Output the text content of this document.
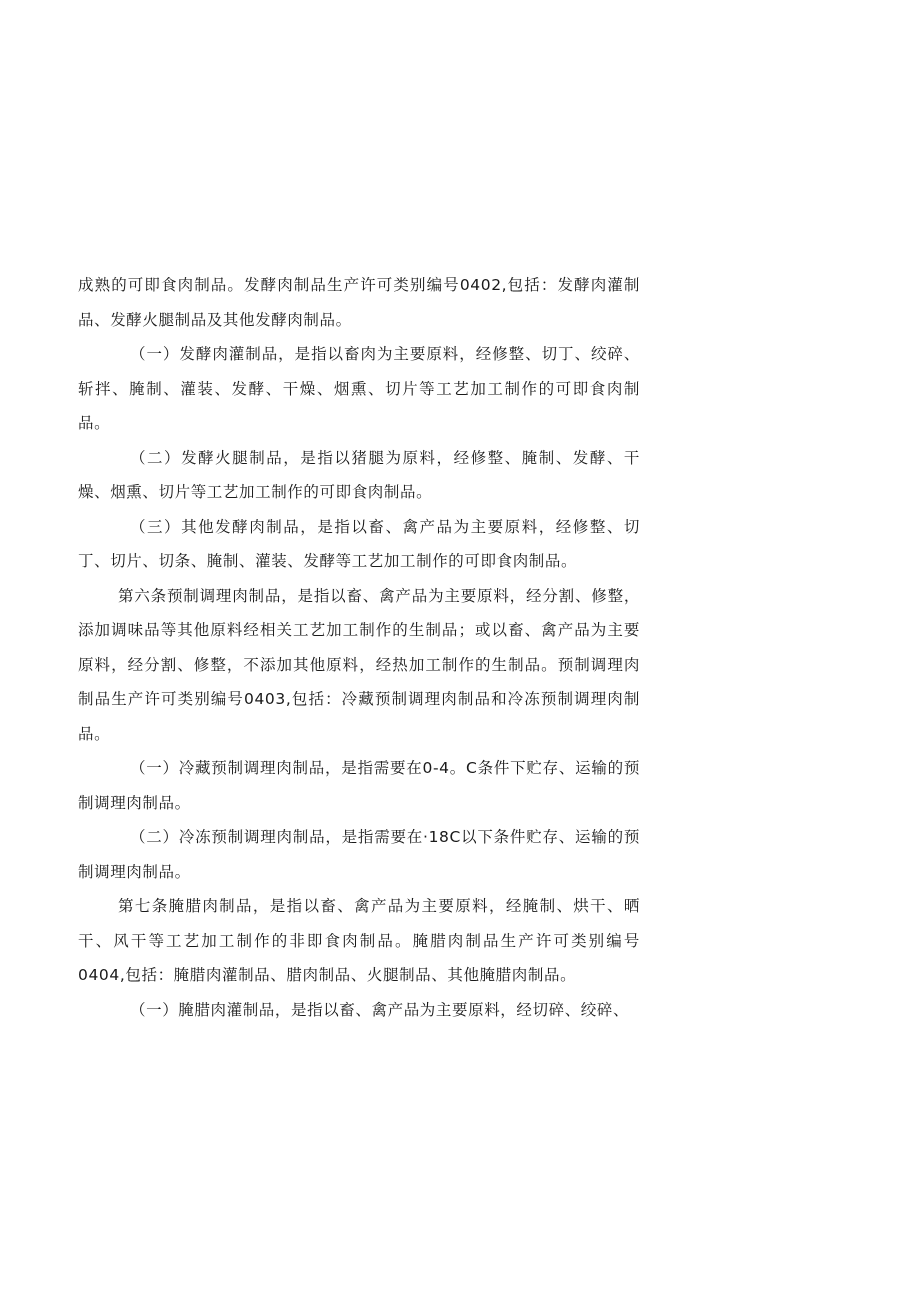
成熟的可即食肉制品。发酵肉制品生产许可类别编号0402,包括：发酵肉灌制品、发酵火腿制品及其他发酵肉制品。

（一）发酵肉灌制品，是指以畜肉为主要原料，经修整、切丁、绞碎、斩拌、腌制、灌装、发酵、干燥、烟熏、切片等工艺加工制作的可即食肉制品。

（二）发酵火腿制品，是指以猪腿为原料，经修整、腌制、发酵、干燥、烟熏、切片等工艺加工制作的可即食肉制品。

（三）其他发酵肉制品，是指以畜、禽产品为主要原料，经修整、切丁、切片、切条、腌制、灌装、发酵等工艺加工制作的可即食肉制品。

第六条预制调理肉制品，是指以畜、禽产品为主要原料，经分割、修整，添加调味品等其他原料经相关工艺加工制作的生制品；或以畜、禽产品为主要原料，经分割、修整，不添加其他原料，经热加工制作的生制品。预制调理肉制品生产许可类别编号0403,包括：冷藏预制调理肉制品和冷冻预制调理肉制品。

（一）冷藏预制调理肉制品，是指需要在0-4。C条件下贮存、运输的预制调理肉制品。

（二）冷冻预制调理肉制品，是指需要在·18C以下条件贮存、运输的预制调理肉制品。

第七条腌腊肉制品，是指以畜、禽产品为主要原料，经腌制、烘干、晒干、风干等工艺加工制作的非即食肉制品。腌腊肉制品生产许可类别编号0404,包括：腌腊肉灌制品、腊肉制品、火腿制品、其他腌腊肉制品。

（一）腌腊肉灌制品，是指以畜、禽产品为主要原料，经切碎、绞碎、
